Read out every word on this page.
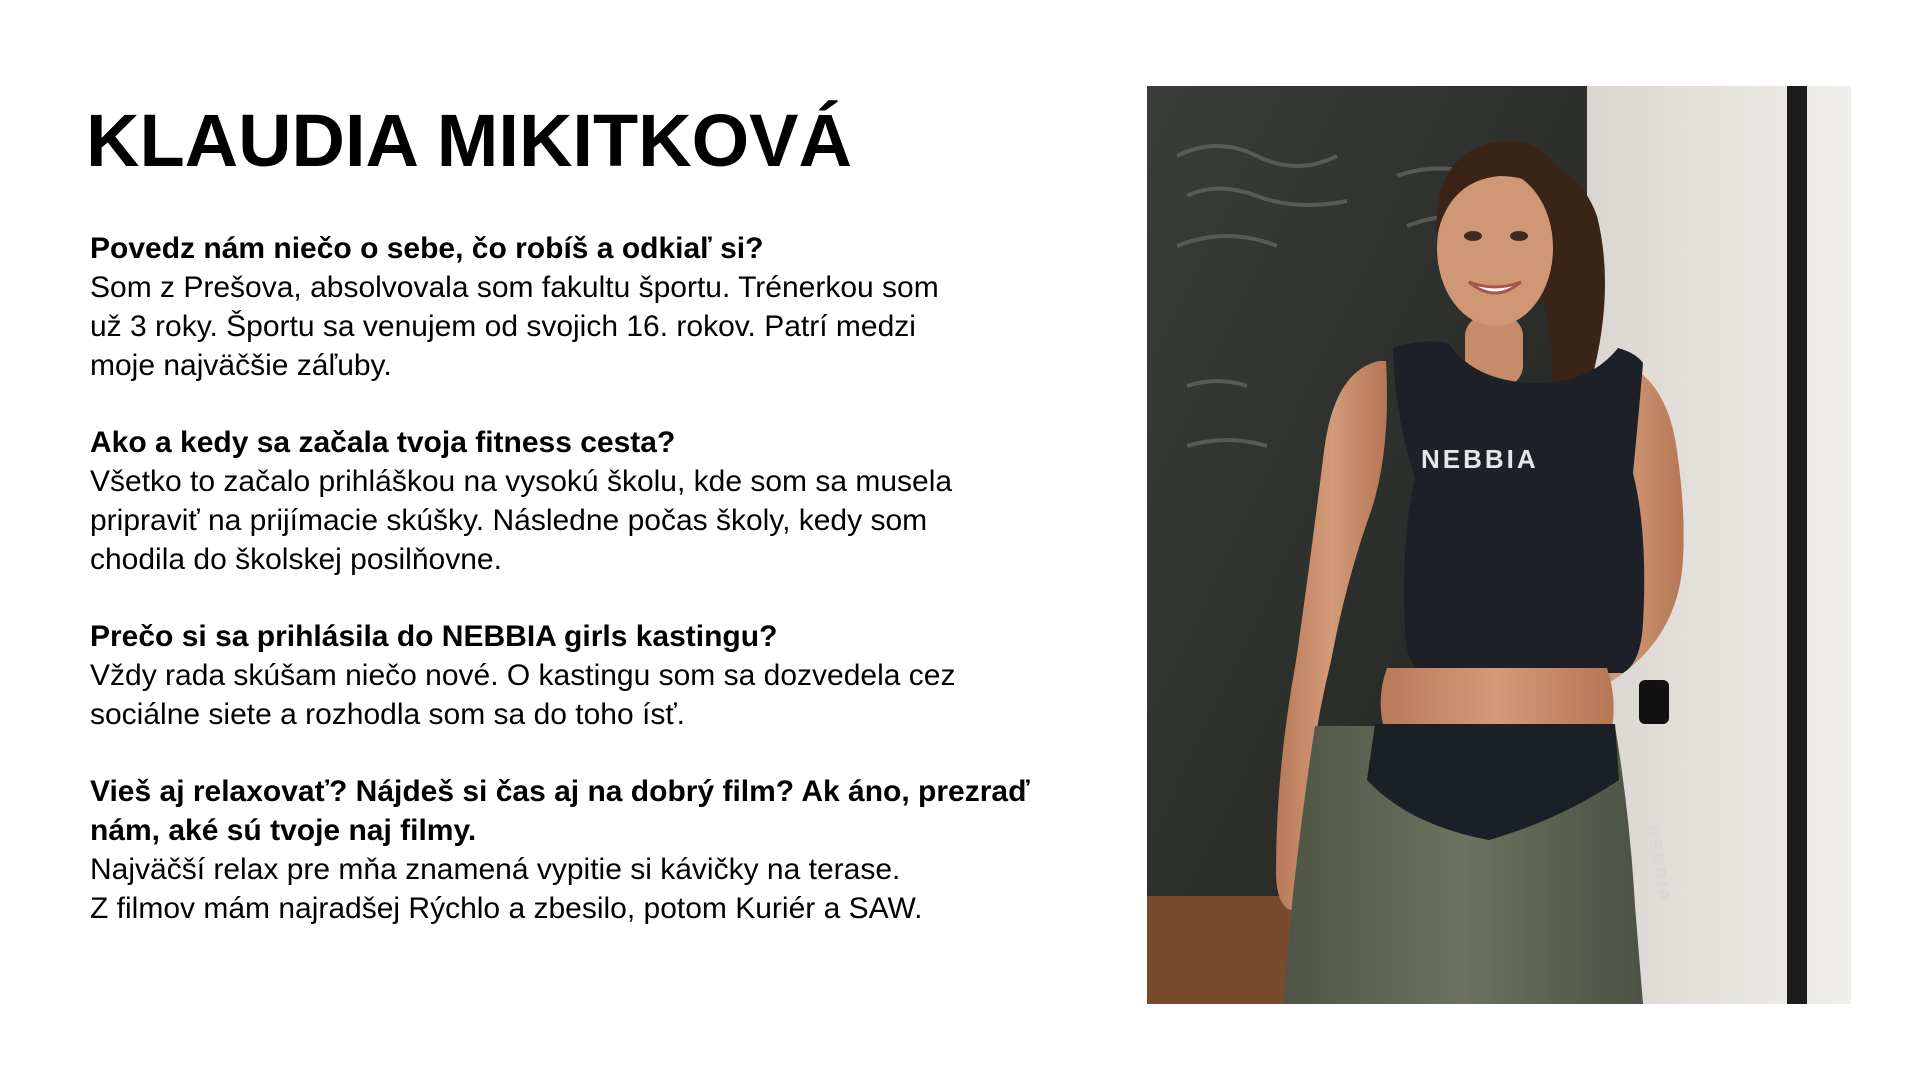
KLAUDIA MIKITKOVÁ

Povedz nám niečo o sebe, čo robíš a odkiaľ si?

Som z Prešova, absolvovala som fakultu športu. Trénerkou som
už 3 roky. Športu sa venujem od svojich 16. rokov. Patrí medzi
moje najväčšie záľuby.

Ako a kedy sa začala tvoja fitness cesta?

Všetko to začalo prihláškou na vysokú školu, kde som sa musela
pripraviť na prijímacie skúšky. Následne počas školy, kedy som
chodila do školskej posilňovne.

Prečo si sa prihlásila do NEBBIA girls kastingu?

Vždy rada skúšam niečo nové. O kastingu som sa dozvedela cez
sociálne siete a rozhodla som sa do toho ísť.

Vieš aj relaxovať? Nájdeš si čas aj na dobrý film? Ak áno, prezraď
nám, aké sú tvoje naj filmy.

Najväčší relax pre mňa znamená vypitie si kávičky na terase.
Z filmov mám najradšej Rýchlo a zbesilo, potom Kuriér a SAW.

NEBBIA
NEBBIA
